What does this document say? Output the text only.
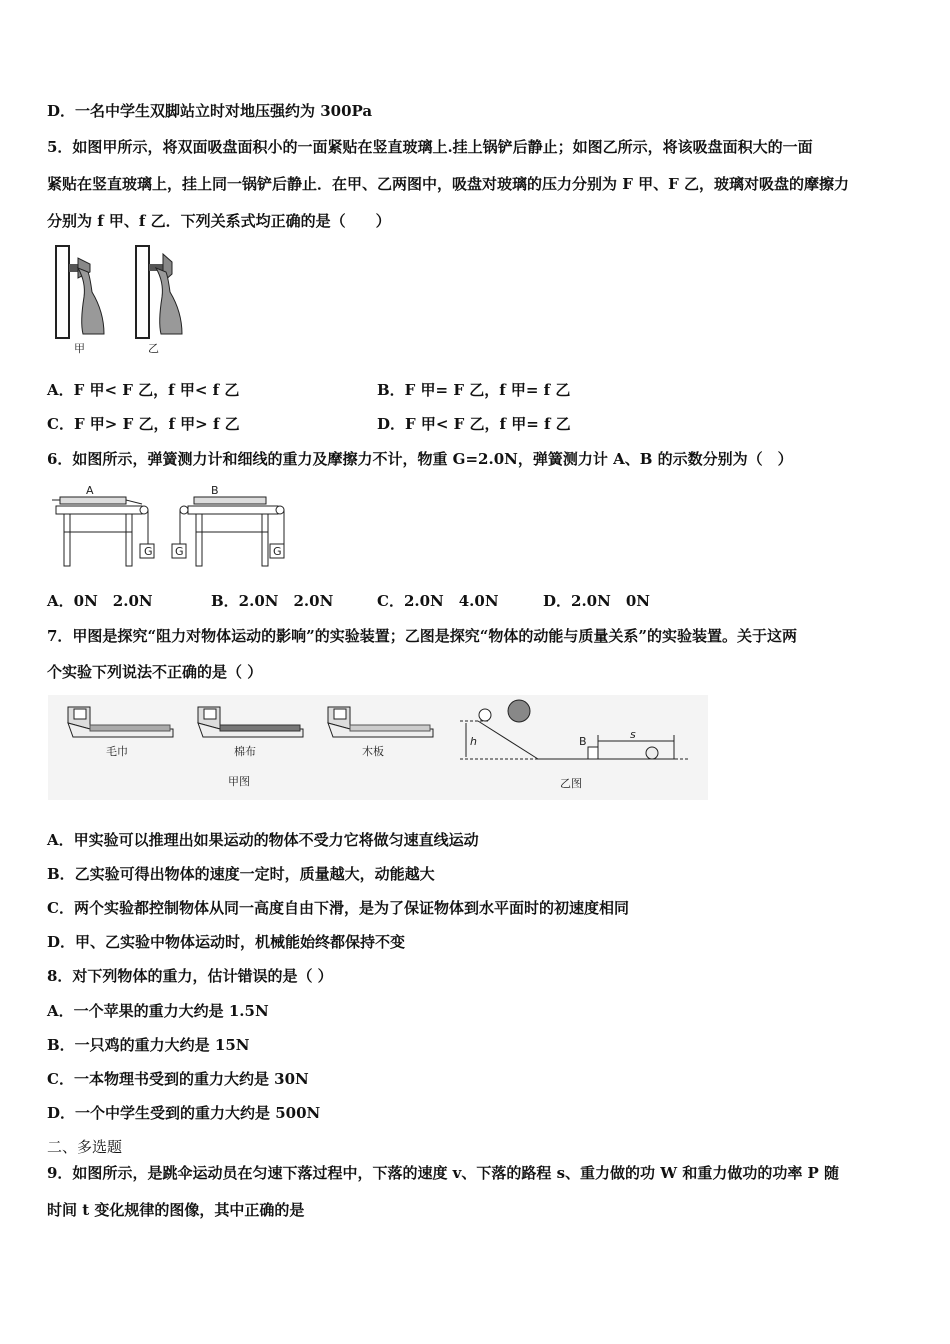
D．一名中学生双脚站立时对地压强约为 300Pa
5．如图甲所示，将双面吸盘面积小的一面紧贴在竖直玻璃上.挂上锅铲后静止；如图乙所示，将该吸盘面积大的一面
紧贴在竖直玻璃上，挂上同一锅铲后静止．在甲、乙两图中，吸盘对玻璃的压力分别为 F 甲、F 乙，玻璃对吸盘的摩擦力
分别为 f 甲、f 乙．下列关系式均正确的是（　　）
甲	乙
A．F 甲< F 乙，f 甲< f 乙	B．F 甲= F 乙，f 甲= f 乙
C．F 甲> F 乙，f 甲> f 乙	D．F 甲< F 乙，f 甲= f 乙
6．如图所示，弹簧测力计和细线的重力及摩擦力不计，物重 G=2.0N，弹簧测力计 A、B 的示数分别为（　）
A
G
B
G	G
A．0N　2.0N	B．2.0N　2.0N	C．2.0N　4.0N	D．2.0N　0N
7．甲图是探究“阻力对物体运动的影响”的实验装置；乙图是探究“物体的动能与质量关系”的实验装置。关于这两
个实验下列说法不正确的是（ ）
毛巾	棉布	木板
甲图
h	B
s
乙图
A．甲实验可以推理出如果运动的物体不受力它将做匀速直线运动
B．乙实验可得出物体的速度一定时，质量越大，动能越大
C．两个实验都控制物体从同一高度自由下滑，是为了保证物体到水平面时的初速度相同
D．甲、乙实验中物体运动时，机械能始终都保持不变
8．对下列物体的重力，估计错误的是（ ）
A．一个苹果的重力大约是 1.5N
B．一只鸡的重力大约是 15N
C．一本物理书受到的重力大约是 30N
D．一个中学生受到的重力大约是 500N
二、多选题
9．如图所示，是跳伞运动员在匀速下落过程中，下落的速度 v、下落的路程 s、重力做的功 W 和重力做功的功率 P 随
时间 t 变化规律的图像，其中正确的是
